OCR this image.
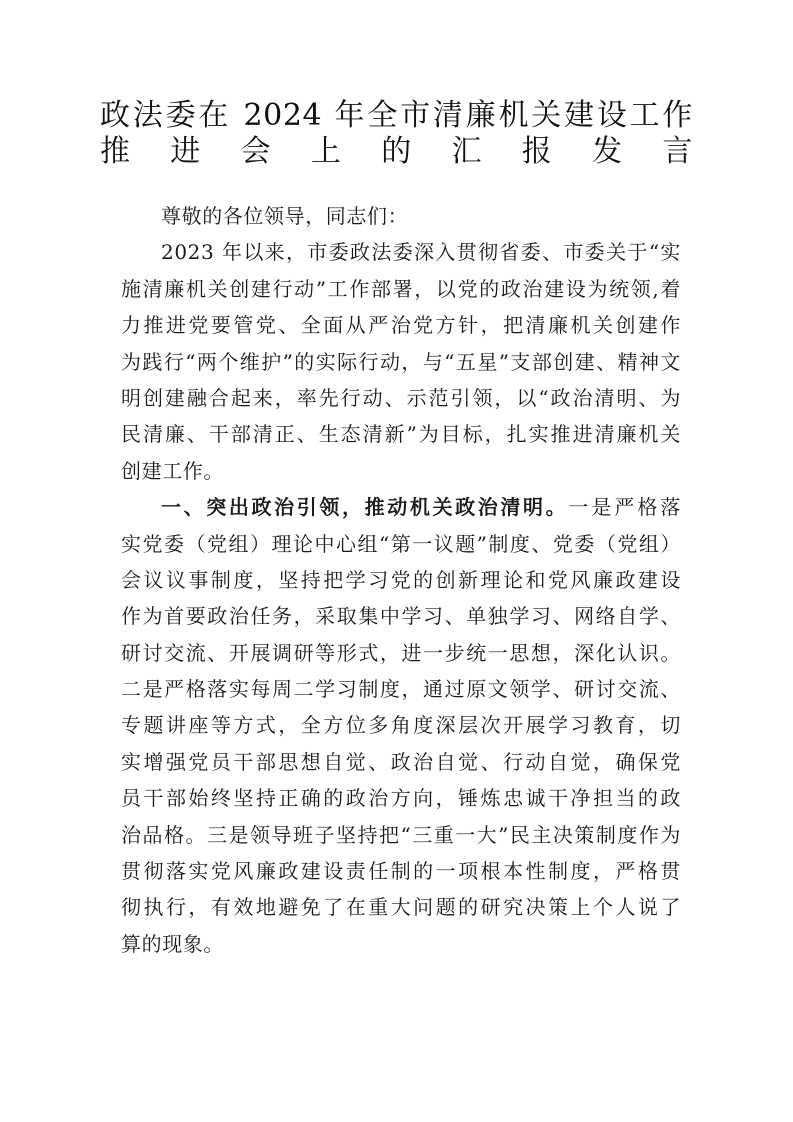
政法委在 2024 年全市清廉机关建设工作
推进会上的汇报发言
尊敬的各位领导，同志们：
2023 年以来，市委政法委深入贯彻省委、市委关于“实
施清廉机关创建行动”工作部署，以党的政治建设为统领,着
力推进党要管党、全面从严治党方针，把清廉机关创建作
为践行“两个维护”的实际行动，与“五星”支部创建、精神文
明创建融合起来，率先行动、示范引领，以“政治清明、为
民清廉、干部清正、生态清新”为目标，扎实推进清廉机关
创建工作。
一、突出政治引领，推动机关政治清明。一是严格落
实党委（党组）理论中心组“第一议题”制度、党委（党组）
会议议事制度，坚持把学习党的创新理论和党风廉政建设
作为首要政治任务，采取集中学习、单独学习、网络自学、
研讨交流、开展调研等形式，进一步统一思想，深化认识。
二是严格落实每周二学习制度，通过原文领学、研讨交流、
专题讲座等方式，全方位多角度深层次开展学习教育，切
实增强党员干部思想自觉、政治自觉、行动自觉，确保党
员干部始终坚持正确的政治方向，锤炼忠诚干净担当的政
治品格。三是领导班子坚持把“三重一大”民主决策制度作为
贯彻落实党风廉政建设责任制的一项根本性制度，严格贯
彻执行，有效地避免了在重大问题的研究决策上个人说了
算的现象。
